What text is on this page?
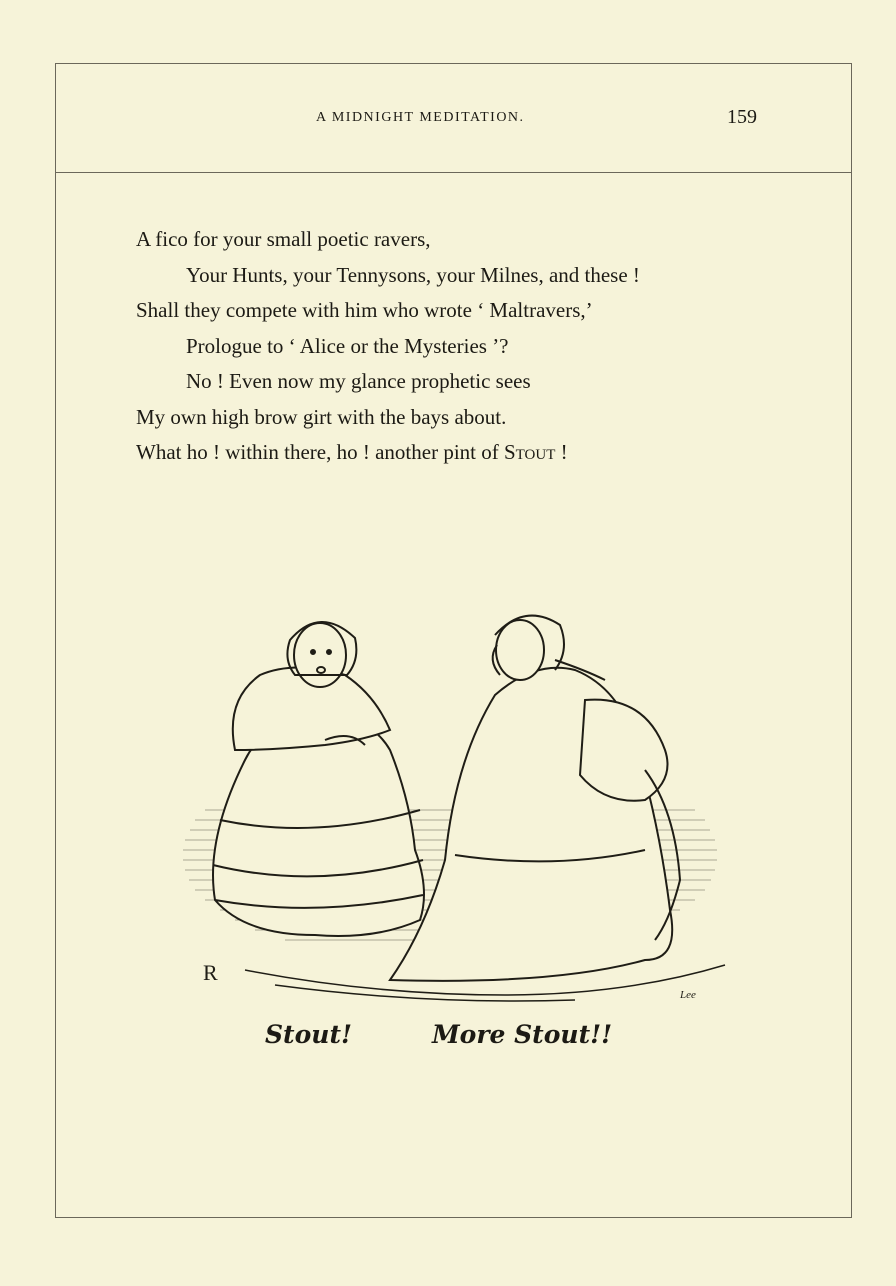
A MIDNIGHT MEDITATION.	159
A fico for your small poetic ravers,
Your Hunts, your Tennysons, your Milnes, and these !
Shall they compete with him who wrote ‘ Maltravers,’
Prologue to ‘ Alice or the Mysteries ’?
No ! Even now my glance prophetic sees
My own high brow girt with the bays about.
What ho ! within there, ho ! another pint of Stout !
R
Lee
Stout!	More Stout!!
